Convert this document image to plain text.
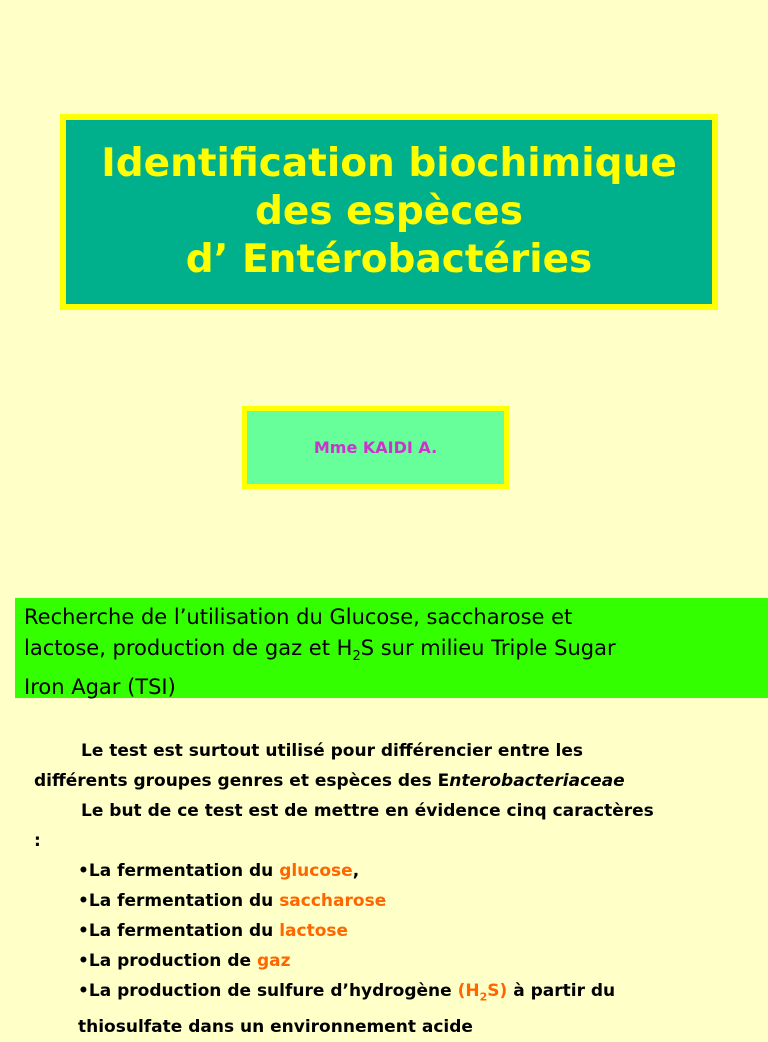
Identification biochimique
des espèces
d’ Entérobactéries
Mme KAIDI A.
Recherche de l’utilisation du Glucose, saccharose et
lactose, production de gaz et $H_2S$ sur milieu Triple Sugar
Iron Agar (TSI)
Le test est surtout utilisé pour différencier entre les
différents groupes genres et espèces des Enterobacteriaceae
Le but de ce test est de mettre en évidence cinq caractères
:
•La fermentation du glucose,
•La fermentation du saccharose
•La fermentation du lactose
•La production de gaz
•La production de sulfure d’hydrogène $(H_2S)$ à partir du
thiosulfate dans un environnement acide
